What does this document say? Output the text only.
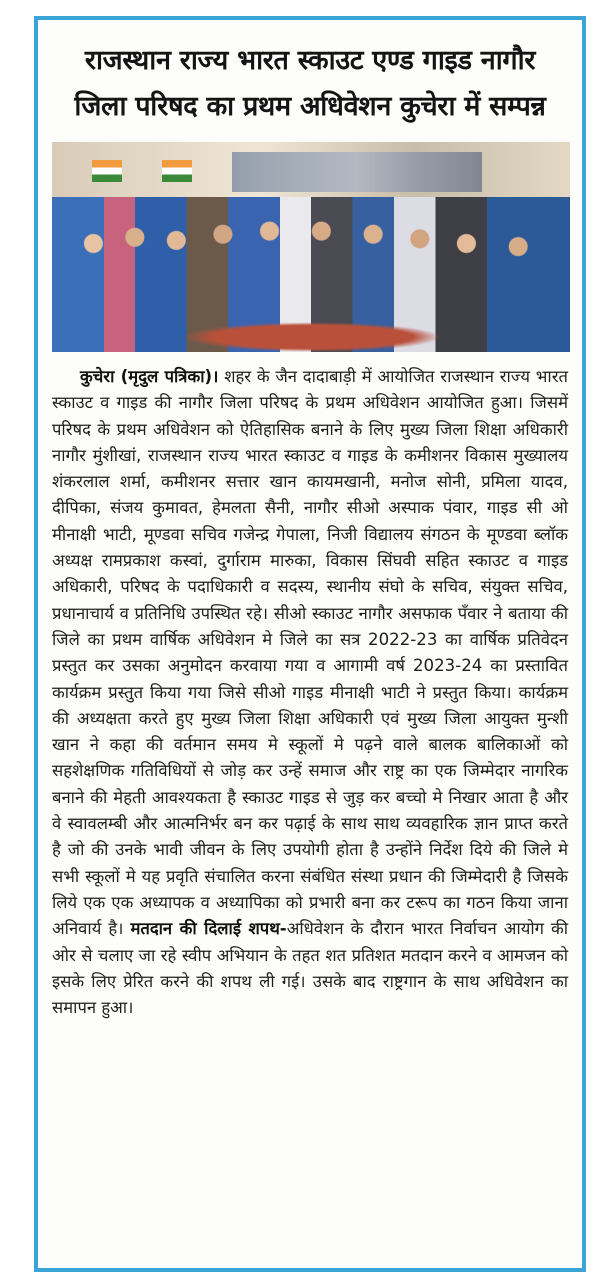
राजस्थान राज्य भारत स्काउट एण्ड गाइड नागौर
जिला परिषद का प्रथम अधिवेशन कुचेरा में सम्पन्न
कुचेरा (मृदुल पत्रिका)। शहर के जैन दादाबाड़ी में आयोजित राजस्थान राज्य भारत स्काउट व गाइड की नागौर जिला परिषद के प्रथम अधिवेशन आयोजित हुआ। जिसमें परिषद के प्रथम अधिवेशन को ऐतिहासिक बनाने के लिए मुख्य जिला शिक्षा अधिकारी नागौर मुंशीखां, राजस्थान राज्य भारत स्काउट व गाइड के कमीशनर विकास मुख्यालय शंकरलाल शर्मा, कमीशनर सत्तार खान कायमखानी, मनोज सोनी, प्रमिला यादव, दीपिका, संजय कुमावत, हेमलता सैनी, नागौर सीओ अस्पाक पंवार, गाइड सी ओ मीनाक्षी भाटी, मूण्डवा सचिव गजेन्द्र गेपाला, निजी विद्यालय संगठन के मूण्डवा ब्लॉक अध्यक्ष रामप्रकाश कस्वां, दुर्गाराम मारुका, विकास सिंघवी सहित स्काउट व गाइड अधिकारी, परिषद के पदाधिकारी व सदस्य, स्थानीय संघो के सचिव, संयुक्त सचिव, प्रधानाचार्य व प्रतिनिधि उपस्थित रहे। सीओ स्काउट नागौर असफाक पँवार ने बताया की जिले का प्रथम वार्षिक अधिवेशन मे जिले का सत्र 2022-23 का वार्षिक प्रतिवेदन प्रस्तुत कर उसका अनुमोदन करवाया गया व आगामी वर्ष 2023-24 का प्रस्तावित कार्यक्रम प्रस्तुत किया गया जिसे सीओ गाइड मीनाक्षी भाटी ने प्रस्तुत किया। कार्यक्रम की अध्यक्षता करते हुए मुख्य जिला शिक्षा अधिकारी एवं मुख्य जिला आयुक्त मुन्शी खान ने कहा की वर्तमान समय मे स्कूलों मे पढ़ने वाले बालक बालिकाओं को सहशेक्षणिक गतिविधियों से जोड़ कर उन्हें समाज और राष्ट्र का एक जिम्मेदार नागरिक बनाने की मेहती आवश्यकता है स्काउट गाइड से जुड़ कर बच्चो मे निखार आता है और वे स्वावलम्बी और आत्मनिर्भर बन कर पढ़ाई के साथ साथ व्यवहारिक ज्ञान प्राप्त करते है जो की उनके भावी जीवन के लिए उपयोगी होता है उन्होंने निर्देश दिये की जिले मे सभी स्कूलों मे यह प्रवृति संचालित करना संबंधित संस्था प्रधान की जिम्मेदारी है जिसके लिये एक एक अध्यापक व अध्यापिका को प्रभारी बना कर टरूप का गठन किया जाना अनिवार्य है। मतदान की दिलाई शपथ-अधिवेशन के दौरान भारत निर्वाचन आयोग की ओर से चलाए जा रहे स्वीप अभियान के तहत शत प्रतिशत मतदान करने व आमजन को इसके लिए प्रेरित करने की शपथ ली गई। उसके बाद राष्ट्रगान के साथ अधिवेशन का समापन हुआ।
